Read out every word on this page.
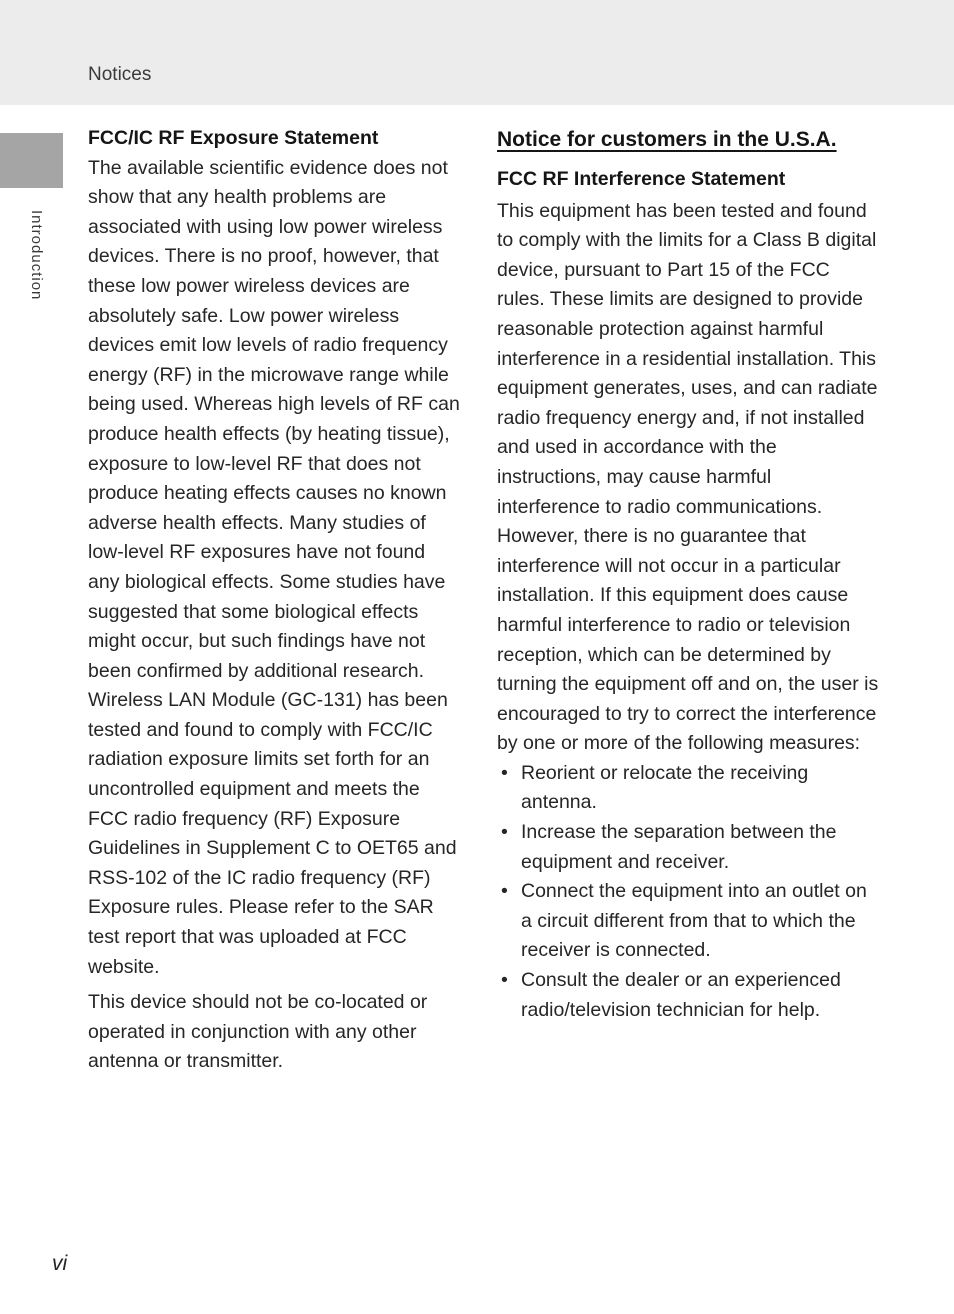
Notices
Introduction
FCC/IC RF Exposure Statement

The available scientific evidence does not show that any health problems are associated with using low power wireless devices. There is no proof, however, that these low power wireless devices are absolutely safe. Low power wireless devices emit low levels of radio frequency energy (RF) in the microwave range while being used. Whereas high levels of RF can produce health effects (by heating tissue), exposure to low-level RF that does not produce heating effects causes no known adverse health effects. Many studies of low-level RF exposures have not found any biological effects. Some studies have suggested that some biological effects might occur, but such findings have not been confirmed by additional research. Wireless LAN Module (GC-131) has been tested and found to comply with FCC/IC radiation exposure limits set forth for an uncontrolled equipment and meets the FCC radio frequency (RF) Exposure Guidelines in Supplement C to OET65 and RSS-102 of the IC radio frequency (RF) Exposure rules. Please refer to the SAR test report that was uploaded at FCC website.

This device should not be co-located or operated in conjunction with any other antenna or transmitter.

Notice for customers in the U.S.A.
FCC RF Interference Statement

This equipment has been tested and found to comply with the limits for a Class B digital device, pursuant to Part 15 of the FCC rules. These limits are designed to provide reasonable protection against harmful interference in a residential installation. This equipment generates, uses, and can radiate radio frequency energy and, if not installed and used in accordance with the instructions, may cause harmful interference to radio communications. However, there is no guarantee that interference will not occur in a particular installation. If this equipment does cause harmful interference to radio or television reception, which can be determined by turning the equipment off and on, the user is encouraged to try to correct the interference by one or more of the following measures:

• Reorient or relocate the receiving antenna.
• Increase the separation between the equipment and receiver.
• Connect the equipment into an outlet on a circuit different from that to which the receiver is connected.
• Consult the dealer or an experienced radio/television technician for help.
vi
